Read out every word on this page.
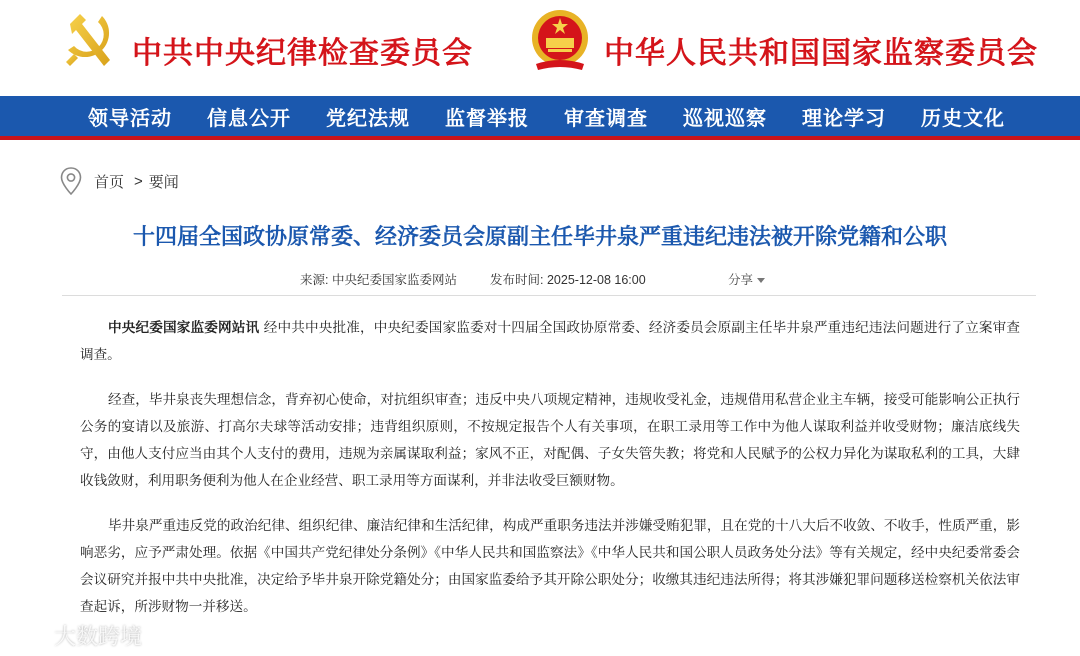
中共中央纪律检查委员会	中华人民共和国国家监察委员会
领导活动 信息公开 党纪法规 监督举报 审查调查 巡视巡察 理论学习 历史文化
首页 > 要闻
十四届全国政协原常委、经济委员会原副主任毕井泉严重违纪违法被开除党籍和公职
来源: 中央纪委国家监委网站	发布时间: 2025-12-08 16:00	分享

中央纪委国家监委网站讯 经中共中央批准，中央纪委国家监委对十四届全国政协原常委、经济委员会原副主任毕井泉严重违纪违法问题进行了立案审查调查。

经查，毕井泉丧失理想信念，背弃初心使命，对抗组织审查；违反中央八项规定精神，违规收受礼金，违规借用私营企业主车辆，接受可能影响公正执行公务的宴请以及旅游、打高尔夫球等活动安排；违背组织原则，不按规定报告个人有关事项，在职工录用等工作中为他人谋取利益并收受财物；廉洁底线失守，由他人支付应当由其个人支付的费用，违规为亲属谋取利益；家风不正，对配偶、子女失管失教；将党和人民赋予的公权力异化为谋取私利的工具，大肆收钱敛财，利用职务便利为他人在企业经营、职工录用等方面谋利，并非法收受巨额财物。

毕井泉严重违反党的政治纪律、组织纪律、廉洁纪律和生活纪律，构成严重职务违法并涉嫌受贿犯罪，且在党的十八大后不收敛、不收手，性质严重，影响恶劣，应予严肃处理。依据《中国共产党纪律处分条例》《中华人民共和国监察法》《中华人民共和国公职人员政务处分法》等有关规定，经中央纪委常委会会议研究并报中共中央批准，决定给予毕井泉开除党籍处分；由国家监委给予其开除公职处分；收缴其违纪违法所得；将其涉嫌犯罪问题移送检察机关依法审查起诉，所涉财物一并移送。

大数跨境
